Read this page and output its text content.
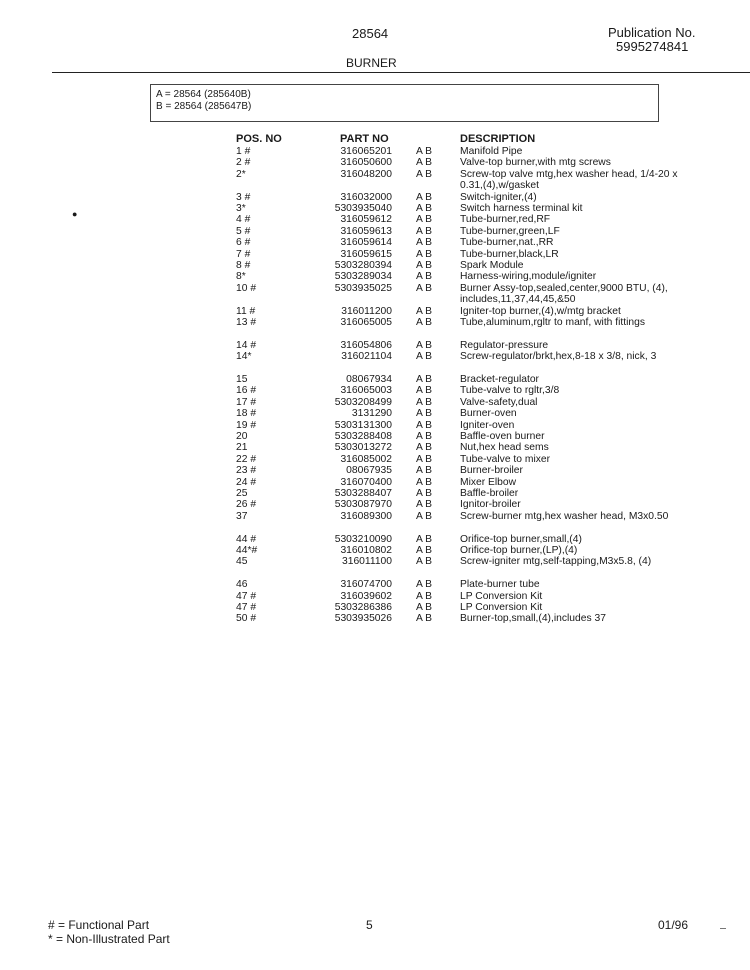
28564	Publication No.
5995274841
BURNER
A = 28564 (285640B)
B = 28564 (285647B)
POS. NO	PART NO	DESCRIPTION
●
1 #	316065201 A B	Manifold Pipe
2 #	316050600 A B	Valve-top burner,with mtg screws
2*	316048200 A B	Screw-top valve mtg,hex washer head, 1/4-20 x 0.31,(4),w/gasket
3 #	316032000 A B	Switch-igniter,(4)
3*	5303935040 A B	Switch harness terminal kit
4 #	316059612 A B	Tube-burner,red,RF
5 #	316059613 A B	Tube-burner,green,LF
6 #	316059614 A B	Tube-burner,nat.,RR
7 #	316059615 A B	Tube-burner,black,LR
8 #	5303280394 A B	Spark Module
8*	5303289034 A B	Harness-wiring,module/igniter
10 #	5303935025 A B	Burner Assy-top,sealed,center,9000 BTU, (4), includes,11,37,44,45,&50
11 #	316011200 A B	Igniter-top burner,(4),w/mtg bracket
13 #	316065005 A B	Tube,aluminum,rgltr to manf, with fittings
14 #	316054806 A B	Regulator-pressure
14*	316021104 A B	Screw-regulator/brkt,hex,8-18 x 3/8, nick, 3
15	08067934 A B	Bracket-regulator
16 #	316065003 A B	Tube-valve to rgltr,3/8
17 #	5303208499 A B	Valve-safety,dual
18 #	3131290 A B	Burner-oven
19 #	5303131300 A B	Igniter-oven
20	5303288408 A B	Baffle-oven burner
21	5303013272 A B	Nut,hex head sems
22 #	316085002 A B	Tube-valve to mixer
23 #	08067935 A B	Burner-broiler
24 #	316070400 A B	Mixer Elbow
25	5303288407 A B	Baffle-broiler
26 #	5303087970 A B	Ignitor-broiler
37	316089300 A B	Screw-burner mtg,hex washer head, M3x0.50
44 #	5303210090 A B	Orifice-top burner,small,(4)
44*#	316010802 A B	Orifice-top burner,(LP),(4)
45	316011100 A B	Screw-igniter mtg,self-tapping,M3x5.8, (4)
46	316074700 A B	Plate-burner tube
47 #	316039602 A B	LP Conversion Kit
47 #	5303286386 A B	LP Conversion Kit
50 #	5303935026 A B	Burner-top,small,(4),includes 37
# = Functional Part
* = Non-Illustrated Part
5	01/96
